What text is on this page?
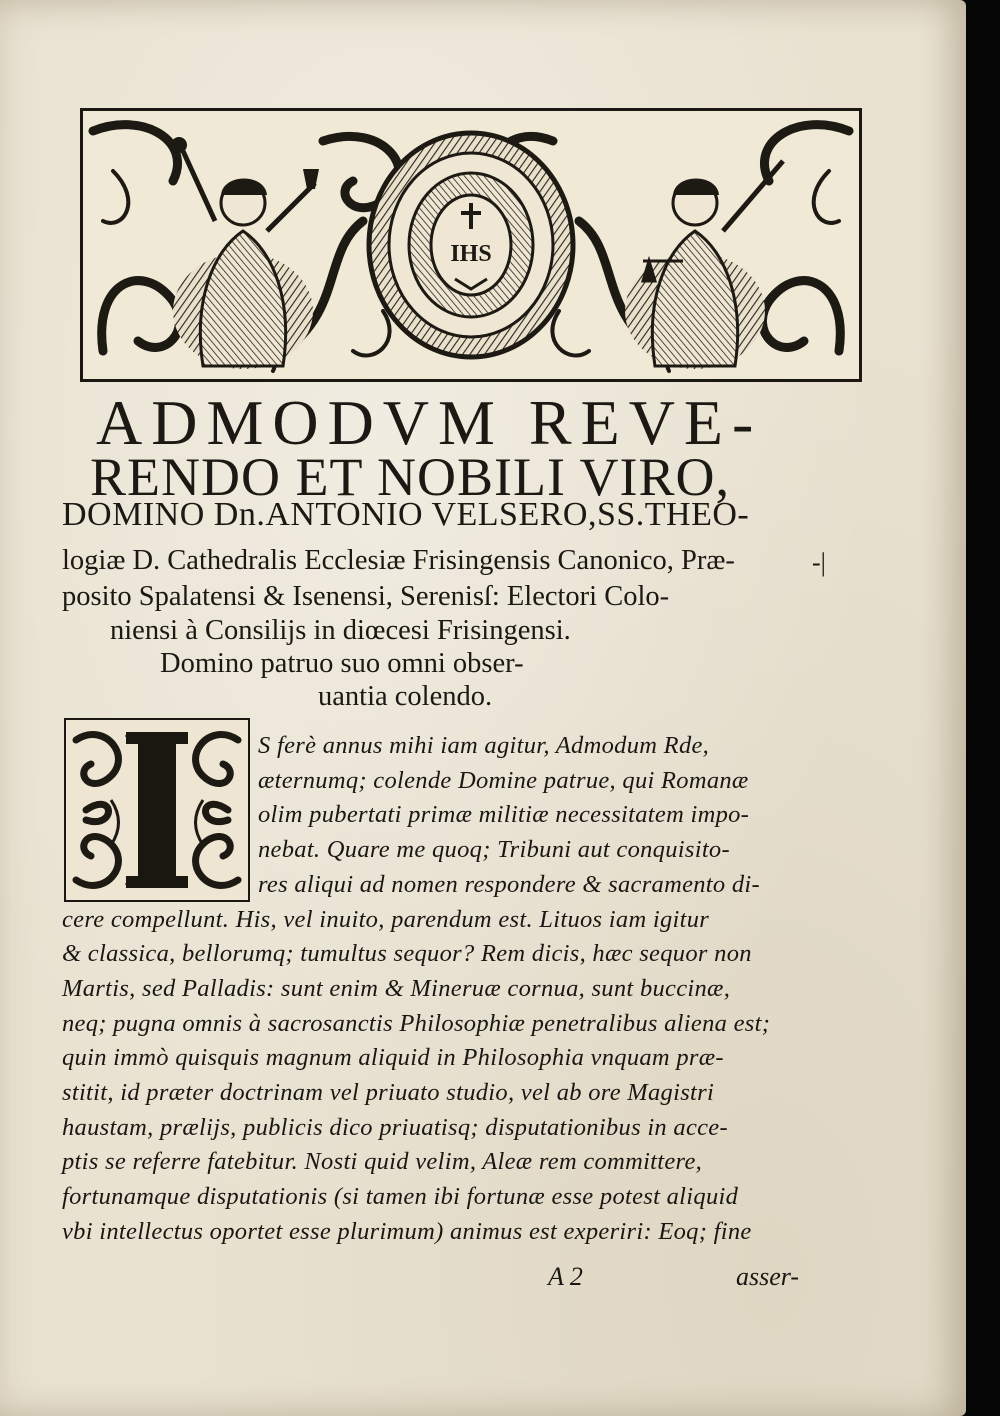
IHS
ADMODVM REVE-
RENDO ET NOBILI VIRO,
DOMINO Dn.ANTONIO VELSERO,SS.THEO-
logiæ D. Cathedralis Ecclesiæ Frisingensis Canonico, Præ-
posito Spalatensi & Isenensi, Serenisſ: Electori Colo-
niensi à Consilijs in diœcesi Frisingensi.
Domino patruo suo omni obser-
uantia colendo.
-|
S ferè annus mihi iam agitur, Admodum Rde,
æternumq; colende Domine patrue, qui Romanæ
olim pubertati primæ militiæ necessitatem impo-
nebat. Quare me quoq; Tribuni aut conquisito-
res aliqui ad nomen respondere & sacramento di-
cere compellunt. His, vel inuito, parendum est. Lituos iam igitur
& classica, bellorumq; tumultus sequor? Rem dicis, hæc sequor non
Martis, sed Palladis: sunt enim & Mineruæ cornua, sunt buccinæ,
neq; pugna omnis à sacrosanctis Philosophiæ penetralibus aliena est;
quin immò quisquis magnum aliquid in Philosophia vnquam præ-
stitit, id præter doctrinam vel priuato studio, vel ab ore Magistri
haustam, prælijs, publicis dico priuatisq; disputationibus in acce-
ptis se referre fatebitur. Nosti quid velim, Aleæ rem committere,
fortunamque disputationis (si tamen ibi fortunæ esse potest aliquid
A 2	asser-
vbi intellectus oportet esse plurimum) animus est experiri: Eoq; fine
